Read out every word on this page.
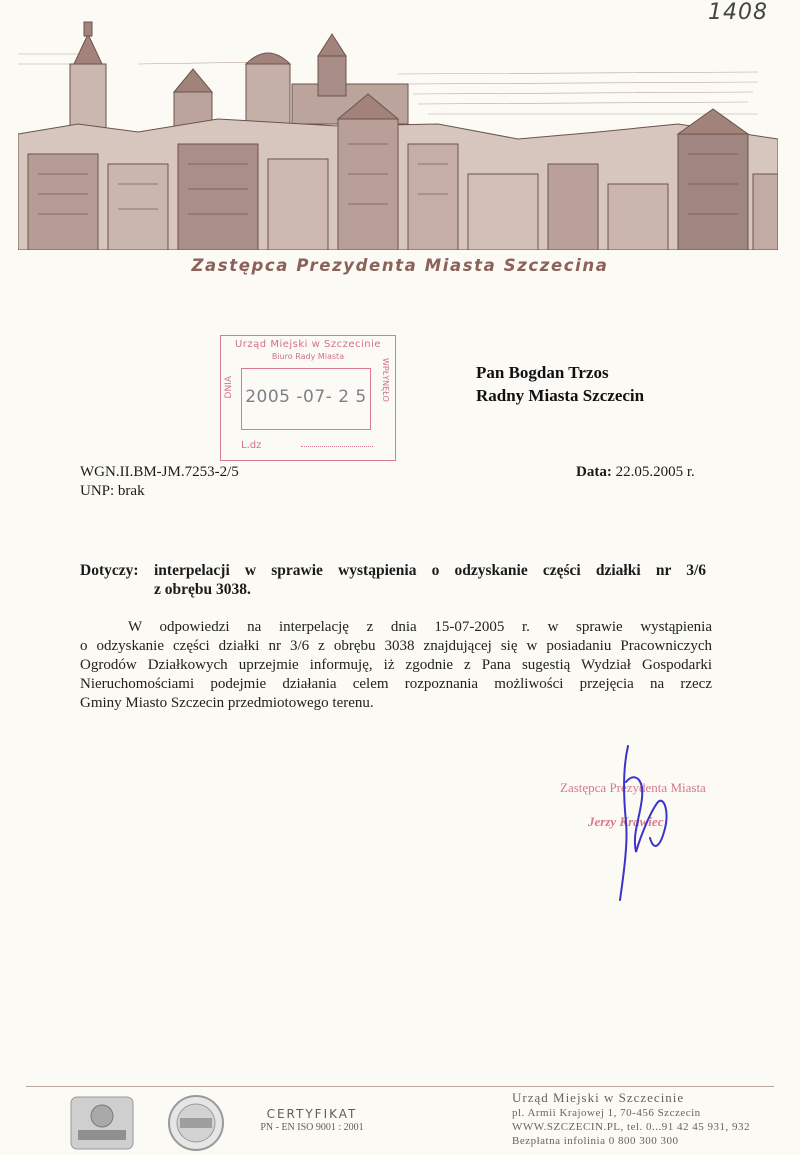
1408
Zastępca Prezydenta Miasta Szczecina
Urząd Miejski w Szczecinie
Biuro Rady Miasta
DNIA 2005 -07- 2 5	WPŁYNĘŁO
L.dz
Pan Bogdan Trzos
Radny Miasta Szczecin
WGN.II.BM-JM.7253-2/5
UNP: brak
Data: 22.05.2005 r.
Dotyczy: interpelacji w sprawie wystąpienia o odzyskanie części działki nr 3/6
z obrębu 3038.
W odpowiedzi na interpelację z dnia 15-07-2005 r. w sprawie wystąpienia
o odzyskanie części działki nr 3/6 z obrębu 3038 znajdującej się w posiadaniu Pracowniczych
Ogrodów Działkowych uprzejmie informuję, iż zgodnie z Pana sugestią Wydział Gospodarki
Nieruchomościami podejmie działania celem rozpoznania możliwości przejęcia na rzecz
Gminy Miasto Szczecin przedmiotowego terenu.
Zastępca Prezydenta Miasta
Jerzy Krawiec
CERTYFIKAT
PN - EN ISO 9001 : 2001
Urząd Miejski w Szczecinie
pl. Armii Krajowej 1, 70-456 Szczecin
WWW.SZCZECIN.PL, tel. 0...91 42 45 931, 932
Bezpłatna infolinia 0 800 300 300
